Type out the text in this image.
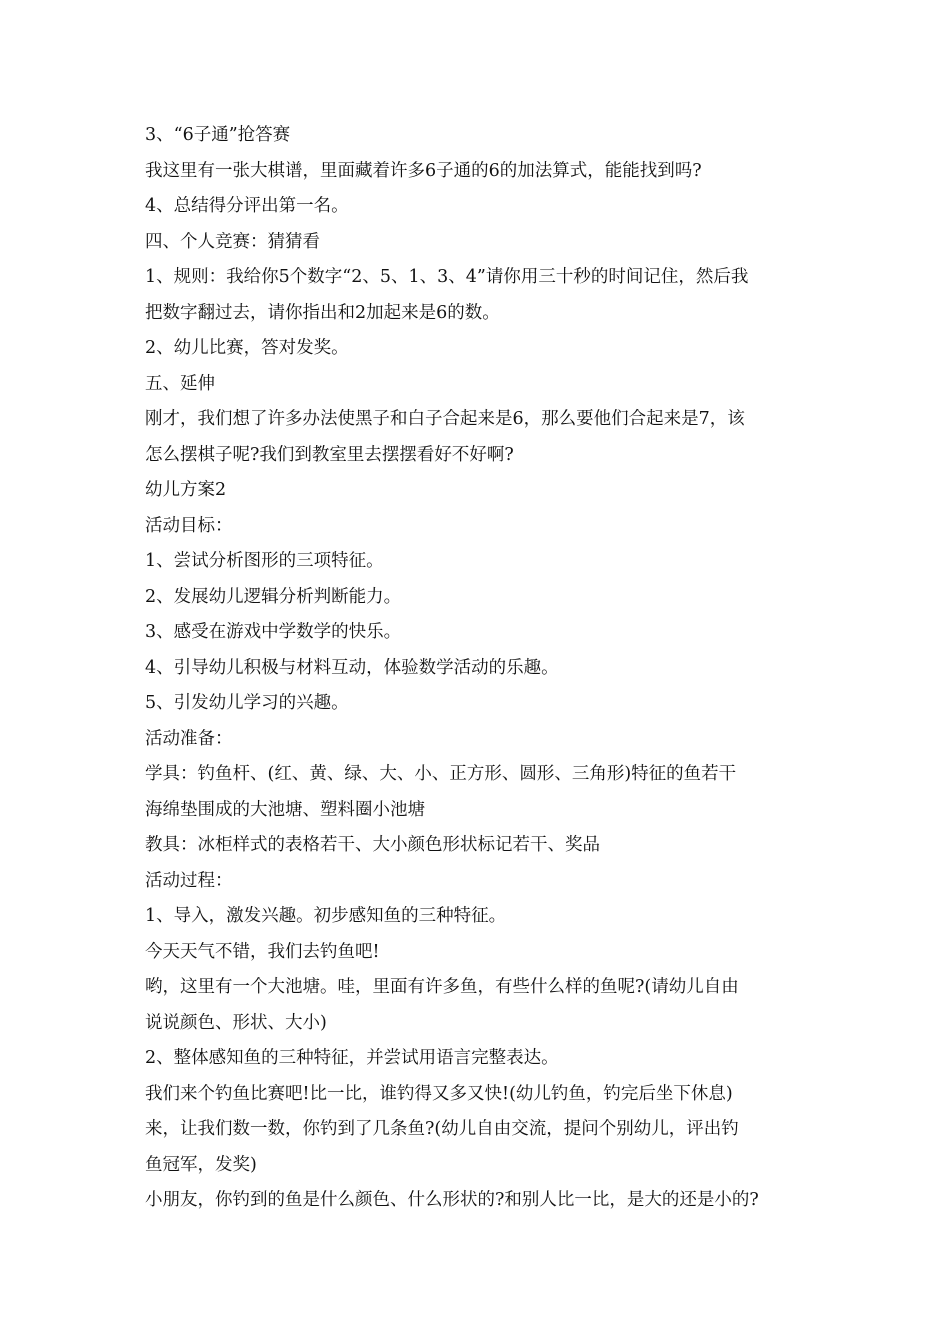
3、“6子通”抢答赛

我这里有一张大棋谱，里面藏着许多6子通的6的加法算式，能能找到吗?

4、总结得分评出第一名。

四、个人竞赛：猜猜看

1、规则：我给你5个数字“2、5、1、3、4”请你用三十秒的时间记住，然后我

把数字翻过去，请你指出和2加起来是6的数。

2、幼儿比赛，答对发奖。

五、延伸

刚才，我们想了许多办法使黑子和白子合起来是6，那么要他们合起来是7，该

怎么摆棋子呢?我们到教室里去摆摆看好不好啊?

幼儿方案2

活动目标：

1、尝试分析图形的三项特征。

2、发展幼儿逻辑分析判断能力。

3、感受在游戏中学数学的快乐。

4、引导幼儿积极与材料互动，体验数学活动的乐趣。

5、引发幼儿学习的兴趣。

活动准备：

学具：钓鱼杆、(红、黄、绿、大、小、正方形、圆形、三角形)特征的鱼若干

海绵垫围成的大池塘、塑料圈小池塘

教具：冰柜样式的表格若干、大小颜色形状标记若干、奖品

活动过程：

1、导入，激发兴趣。初步感知鱼的三种特征。

今天天气不错，我们去钓鱼吧!

哟，这里有一个大池塘。哇，里面有许多鱼，有些什么样的鱼呢?(请幼儿自由

说说颜色、形状、大小)

2、整体感知鱼的三种特征，并尝试用语言完整表达。

我们来个钓鱼比赛吧!比一比，谁钓得又多又快!(幼儿钓鱼，钓完后坐下休息)

来，让我们数一数，你钓到了几条鱼?(幼儿自由交流，提问个别幼儿，评出钓

鱼冠军，发奖)

小朋友，你钓到的鱼是什么颜色、什么形状的?和别人比一比，是大的还是小的?
